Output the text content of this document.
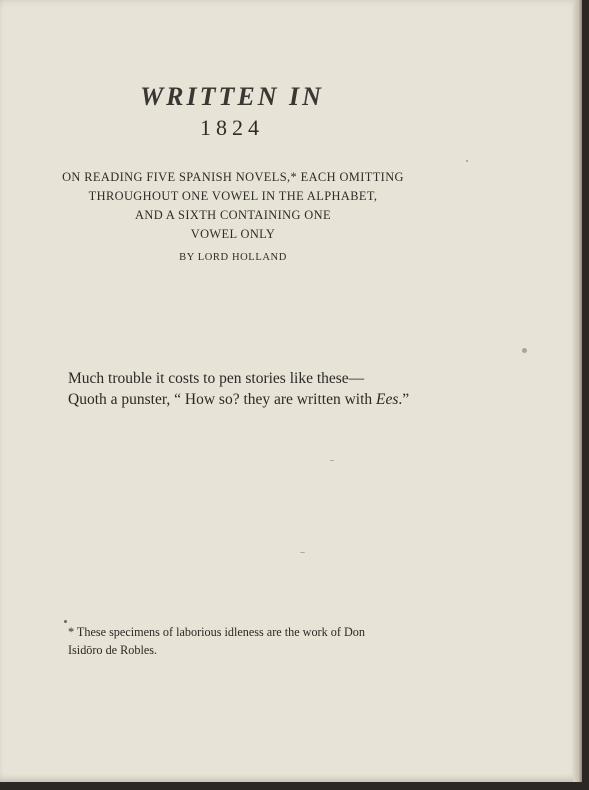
WRITTEN IN
1824
ON READING FIVE SPANISH NOVELS,* EACH OMITTING
THROUGHOUT ONE VOWEL IN THE ALPHABET,
AND A SIXTH CONTAINING ONE
VOWEL ONLY
BY LORD HOLLAND
Much trouble it costs to pen stories like these—
Quoth a punster, “ How so? they are written with Ees.”
* These specimens of laborious idleness are the work of Don
Isidōro de Robles.
